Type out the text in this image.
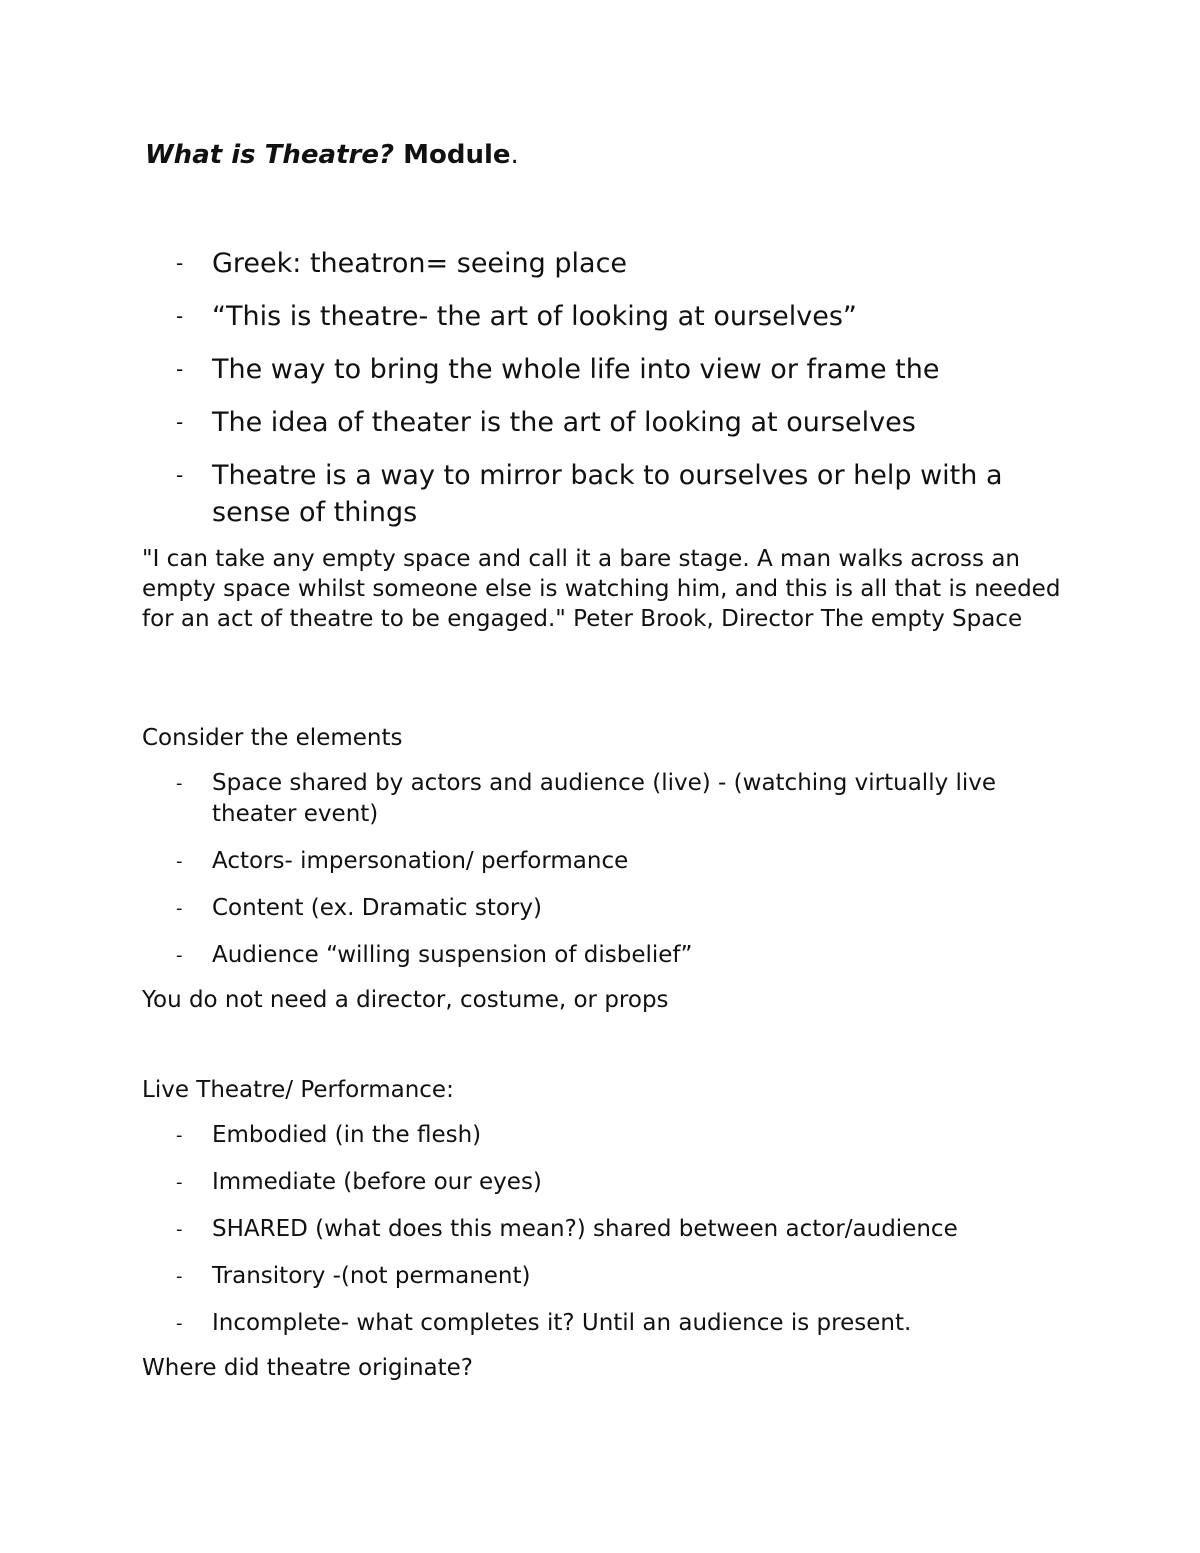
What is Theatre? Module.
- Greek: theatron= seeing place
- “This is theatre- the art of looking at ourselves”
- The way to bring the whole life into view or frame the
- The idea of theater is the art of looking at ourselves
- Theatre is a way to mirror back to ourselves or help with a sense of things

"I can take any empty space and call it a bare stage. A man walks across an empty space whilst someone else is watching him, and this is all that is needed for an act of theatre to be engaged." Peter Brook, Director The empty Space

Consider the elements

- Space shared by actors and audience (live) - (watching virtually live theater event)
- Actors- impersonation/ performance
- Content (ex. Dramatic story)
- Audience “willing suspension of disbelief”

You do not need a director, costume, or props

Live Theatre/ Performance:

- Embodied (in the flesh)
- Immediate (before our eyes)
- SHARED (what does this mean?) shared between actor/audience
- Transitory -(not permanent)
- Incomplete- what completes it? Until an audience is present.

Where did theatre originate?
